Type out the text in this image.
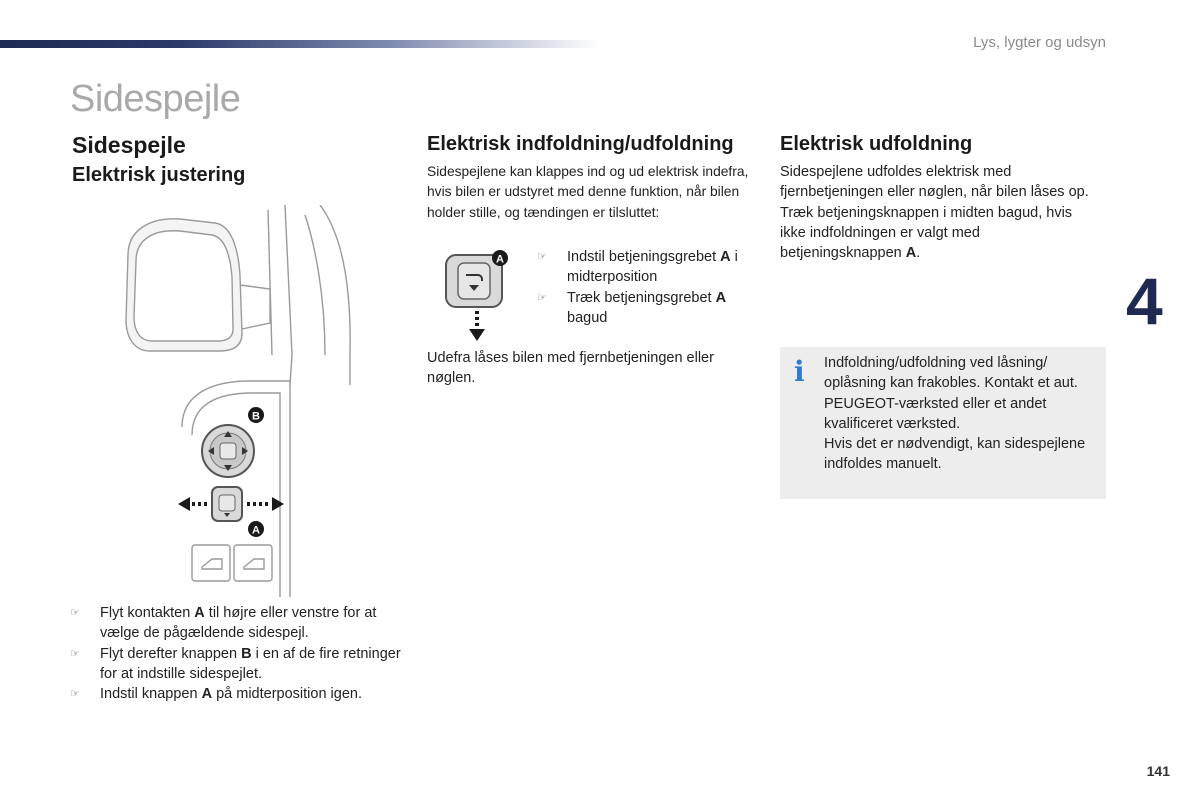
Lys, lygter og udsyn
Sidespejle
4
141
Sidespejle
Elektrisk justering
B
A
☞ Flyt kontakten A til højre eller venstre for at vælge de pågældende sidespejl.
☞ Flyt derefter knappen B i en af de fire retninger for at indstille sidespejlet.
☞ Indstil knappen A på midterposition igen.
Elektrisk indfoldning/udfoldning

Sidespejlene kan klappes ind og ud elektrisk indefra, hvis bilen er udstyret med denne funktion, når bilen holder stille, og tændingen er tilsluttet:

A	☞ Indstil betjeningsgrebet A i midterposition
☞ Træk betjeningsgrebet A bagud

Udefra låses bilen med fjernbetjeningen eller nøglen.

Elektrisk udfoldning

Sidespejlene udfoldes elektrisk med fjernbetjeningen eller nøglen, når bilen låses op. Træk betjeningsknappen i midten bagud, hvis ikke indfoldningen er valgt med betjeningsknappen A.

i Indfoldning/udfoldning ved låsning/ oplåsning kan frakobles. Kontakt et aut. PEUGEOT-værksted eller et andet kvalificeret værksted.

Hvis det er nødvendigt, kan sidespejlene indfoldes manuelt.
